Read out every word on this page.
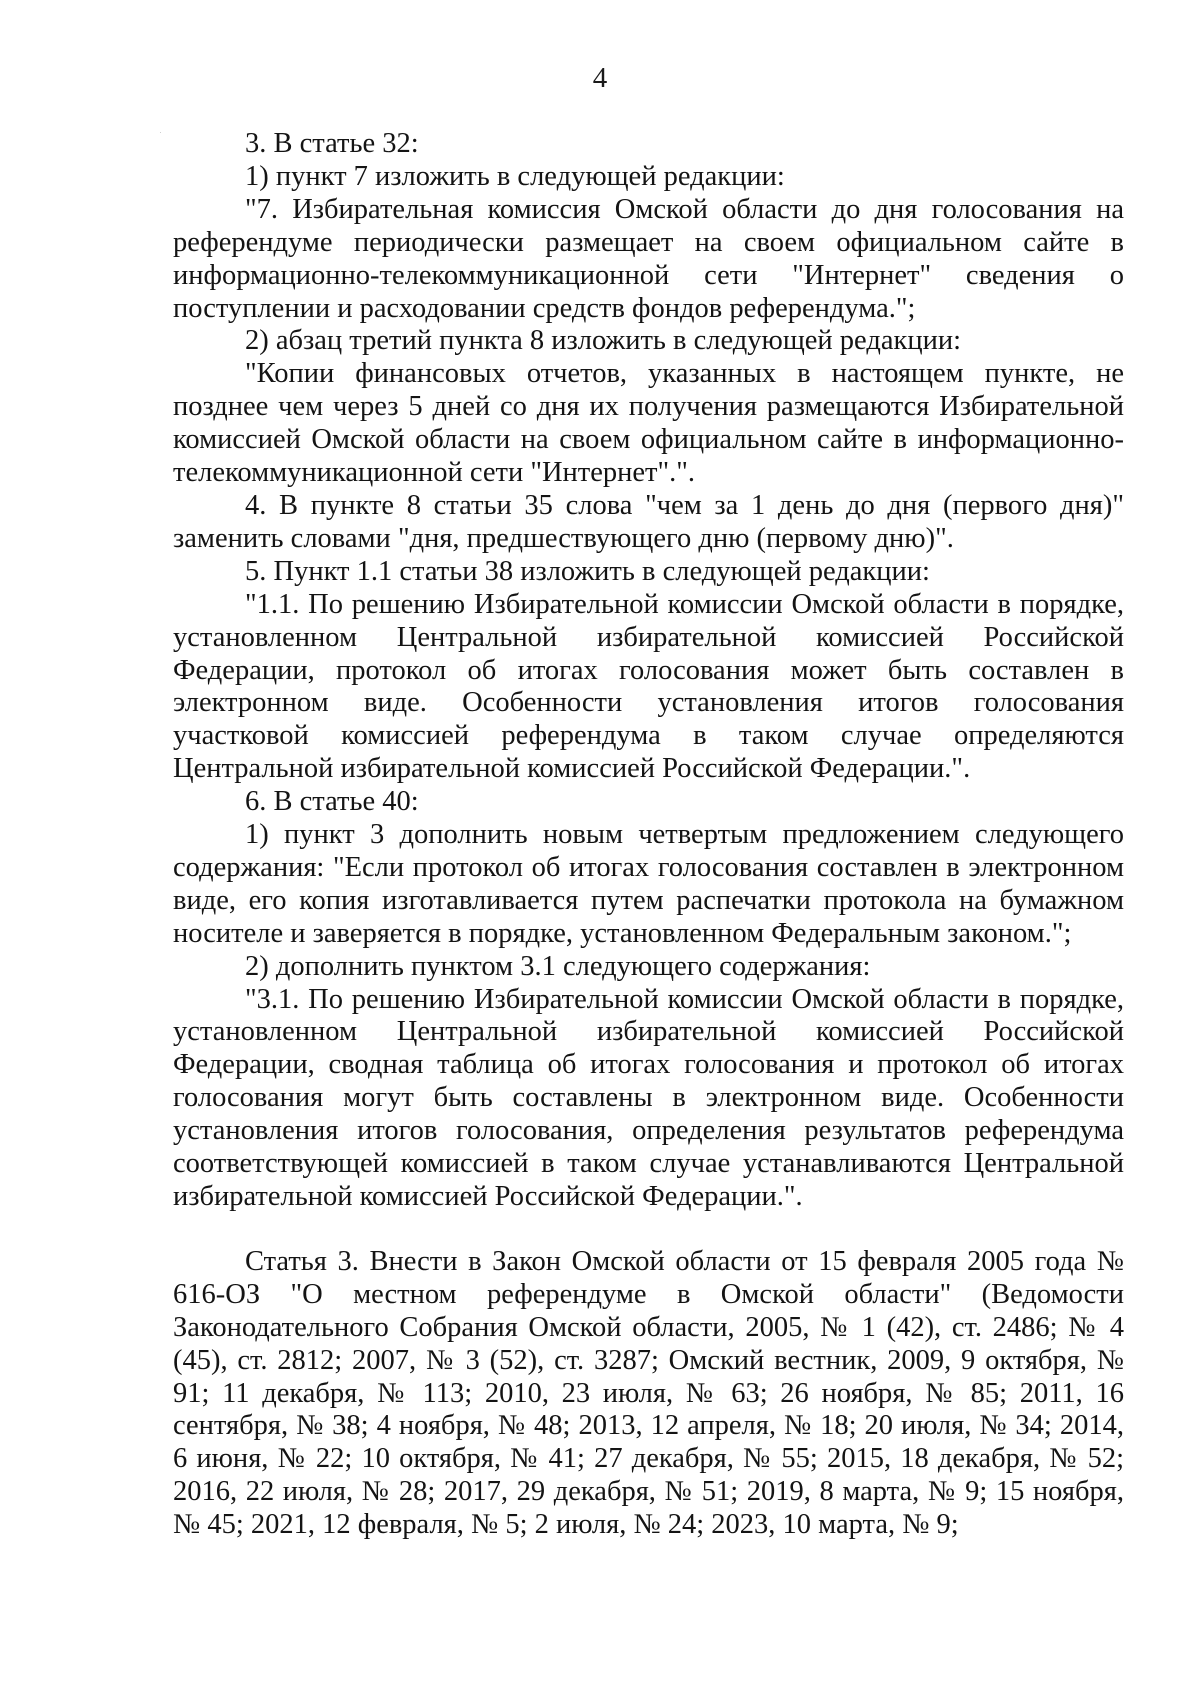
4

3. В статье 32:

1) пункт 7 изложить в следующей редакции:

"7. Избирательная комиссия Омской области до дня голосования на референдуме периодически размещает на своем официальном сайте в информационно-телекоммуникационной сети "Интернет" сведения о поступлении и расходовании средств фондов референдума.";

2) абзац третий пункта 8 изложить в следующей редакции:

"Копии финансовых отчетов, указанных в настоящем пункте, не позднее чем через 5 дней со дня их получения размещаются Избирательной комиссией Омской области на своем официальном сайте в информационно-телекоммуникационной сети "Интернет".".

4. В пункте 8 статьи 35 слова "чем за 1 день до дня (первого дня)" заменить словами "дня, предшествующего дню (первому дню)".

5. Пункт 1.1 статьи 38 изложить в следующей редакции:

"1.1. По решению Избирательной комиссии Омской области в порядке, установленном Центральной избирательной комиссией Российской Федерации, протокол об итогах голосования может быть составлен в электронном виде. Особенности установления итогов голосования участковой комиссией референдума в таком случае определяются Центральной избирательной комиссией Российской Федерации.".

6. В статье 40:

1) пункт 3 дополнить новым четвертым предложением следующего содержания: "Если протокол об итогах голосования составлен в электронном виде, его копия изготавливается путем распечатки протокола на бумажном носителе и заверяется в порядке, установленном Федеральным законом.";

2) дополнить пунктом 3.1 следующего содержания:

"3.1. По решению Избирательной комиссии Омской области в порядке, установленном Центральной избирательной комиссией Российской Федерации, сводная таблица об итогах голосования и протокол об итогах голосования могут быть составлены в электронном виде. Особенности установления итогов голосования, определения результатов референдума соответствующей комиссией в таком случае устанавливаются Центральной избирательной комиссией Российской Федерации.".

Статья 3. Внести в Закон Омской области от 15 февраля 2005 года № 616-ОЗ "О местном референдуме в Омской области" (Ведомости Законодательного Собрания Омской области, 2005, № 1 (42), ст. 2486; № 4 (45), ст. 2812; 2007, № 3 (52), ст. 3287; Омский вестник, 2009, 9 октября, № 91; 11 декабря, № 113; 2010, 23 июля, № 63; 26 ноября, № 85; 2011, 16 сентября, № 38; 4 ноября, № 48; 2013, 12 апреля, № 18; 20 июля, № 34; 2014, 6 июня, № 22; 10 октября, № 41; 27 декабря, № 55; 2015, 18 декабря, № 52; 2016, 22 июля, № 28; 2017, 29 декабря, № 51; 2019, 8 марта, № 9; 15 ноября, № 45; 2021, 12 февраля, № 5; 2 июля, № 24; 2023, 10 марта, № 9;
